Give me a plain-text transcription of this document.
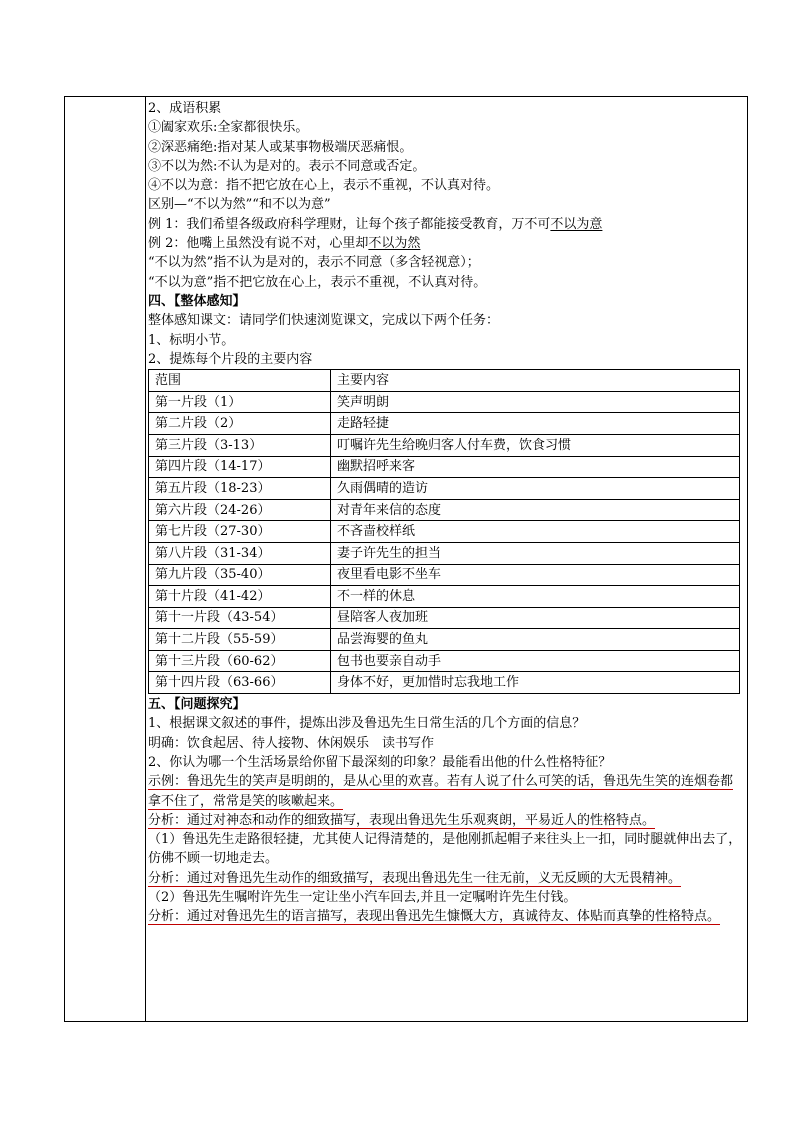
2、成语积累
①阖家欢乐:全家都很快乐。
②深恶痛绝:指对某人或某事物极端厌恶痛恨。
③不以为然:不认为是对的。表示不同意或否定。
④不以为意：指不把它放在心上，表示不重视，不认真对待。
区别—“不以为然”“和不以为意”
例 1：我们希望各级政府科学理财，让每个孩子都能接受教育，万不可不以为意
例 2：他嘴上虽然没有说不对，心里却不以为然
“不以为然”指不认为是对的，表示不同意（多含轻视意）；
“不以为意”指不把它放在心上，表示不重视，不认真对待。
四、【整体感知】
整体感知课文：请同学们快速浏览课文，完成以下两个任务：
1、标明小节。
2、提炼每个片段的主要内容
范围	主要内容
第一片段（1）	笑声明朗
第二片段（2）	走路轻捷
第三片段（3-13）	叮嘱许先生给晚归客人付车费，饮食习惯
第四片段（14-17）	幽默招呼来客
第五片段（18-23）	久雨偶晴的造访
第六片段（24-26）	对青年来信的态度
第七片段（27-30）	不吝啬校样纸
第八片段（31-34）	妻子许先生的担当
第九片段（35-40）	夜里看电影不坐车
第十片段（41-42）	不一样的休息
第十一片段（43-54）	昼陪客人夜加班
第十二片段（55-59）	品尝海婴的鱼丸
第十三片段（60-62）	包书也要亲自动手
第十四片段（63-66）	身体不好，更加惜时忘我地工作
五、【问题探究】
1、根据课文叙述的事件，提炼出涉及鲁迅先生日常生活的几个方面的信息？
明确：饮食起居、待人接物、休闲娱乐　读书写作
2、你认为哪一个生活场景给你留下最深刻的印象？最能看出他的什么性格特征？
示例：鲁迅先生的笑声是明朗的，是从心里的欢喜。若有人说了什么可笑的话，鲁迅先生笑的连烟卷都拿不住了，常常是笑的咳嗽起来。
分析：通过对神态和动作的细致描写，表现出鲁迅先生乐观爽朗，平易近人的性格特点。
（1）鲁迅先生走路很轻捷，尤其使人记得清楚的，是他刚抓起帽子来往头上一扣，同时腿就伸出去了，仿佛不顾一切地走去。
分析：通过对鲁迅先生动作的细致描写，表现出鲁迅先生一往无前，义无反顾的大无畏精神。
（2）鲁迅先生嘱咐许先生一定让坐小汽车回去,并且一定嘱咐许先生付钱。
分析：通过对鲁迅先生的语言描写，表现出鲁迅先生慷慨大方，真诚待友、体贴而真挚的性格特点。
